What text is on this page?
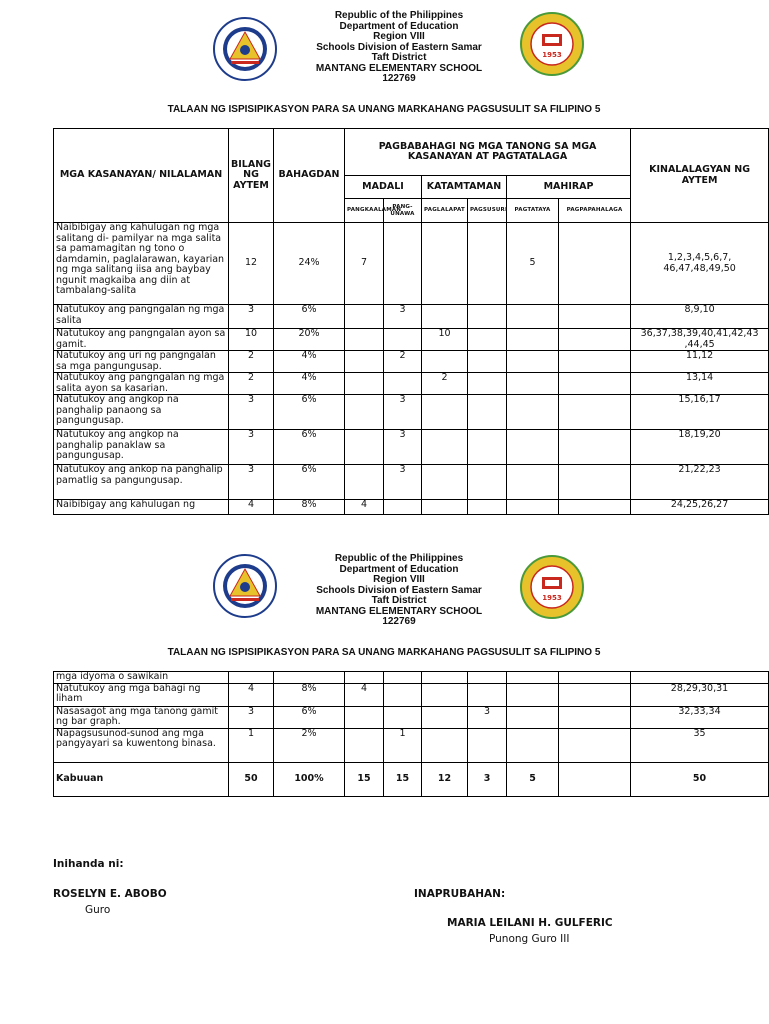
Republic of the Philippines
Department of Education
Region VIII
Schools Division of Eastern Samar
Taft District
MANTANG ELEMENTARY SCHOOL
122769
1953
TALAAN NG ISPISIPIKASYON PARA SA UNANG MARKAHANG PAGSUSULIT SA FILIPINO 5
MGA KASANAYAN/ NILALAMAN	BILANG NG AYTEM	BAHAGDAN	PAGBABAHAGI NG MGA TANONG SA MGA KASANAYAN AT PAGTATALAGA						KINALALAGYAN NG AYTEM
			MADALI		KATAMTAMAN		MAHIRAP		
			PANGKAALAMAN	PANG-UNAWA	PAGLALAPAT	PAGSUSURI	PAGTATAYA	PAGPAPAHALAGA	
Naibibigay ang kahulugan ng mga salitang di- pamilyar na mga salita sa pamamagitan ng tono o damdamin, paglalarawan, kayarian ng mga salitang iisa ang baybay ngunit magkaiba ang diin at tambalang-salita	12	24%	7				5		1,2,3,4,5,6,7, 46,47,48,49,50
Natutukoy ang pangngalan ng mga salita	3	6%		3					8,9,10
Natutukoy ang pangngalan ayon sa gamit.	10	20%			10				36,37,38,39,40,41,42,43 ,44,45
Natutukoy ang uri ng pangngalan sa mga pangungusap.	2	4%		2					11,12
Natutukoy ang pangngalan ng mga salita ayon sa kasarian.	2	4%			2				13,14
Natutukoy ang angkop na panghalip panaong sa pangungusap.	3	6%		3					15,16,17
Natutukoy ang angkop na panghalip panaklaw sa pangungusap.	3	6%		3					18,19,20
Natutukoy ang ankop na panghalip pamatlig sa pangungusap.	3	6%		3					21,22,23
Naibibigay ang kahulugan ng	4	8%	4						24,25,26,27
Republic of the Philippines
Department of Education
Region VIII
Schools Division of Eastern Samar
Taft District
MANTANG ELEMENTARY SCHOOL
122769
1953
TALAAN NG ISPISIPIKASYON PARA SA UNANG MARKAHANG PAGSUSULIT SA FILIPINO 5
mga idyoma o sawikain									
Natutukoy ang mga bahagi ng liham	4	8%	4						28,29,30,31
Nasasagot ang mga tanong gamit ng bar graph.	3	6%				3			32,33,34
Napagsusunod-sunod ang mga pangyayari sa kuwentong binasa.	1	2%		1					35
Kabuuan	50	100%	15	15	12	3	5		50
Inihanda ni:
ROSELYN E. ABOBO
Guro
INAPRUBAHAN:
MARIA LEILANI H. GULFERIC
Punong Guro III
